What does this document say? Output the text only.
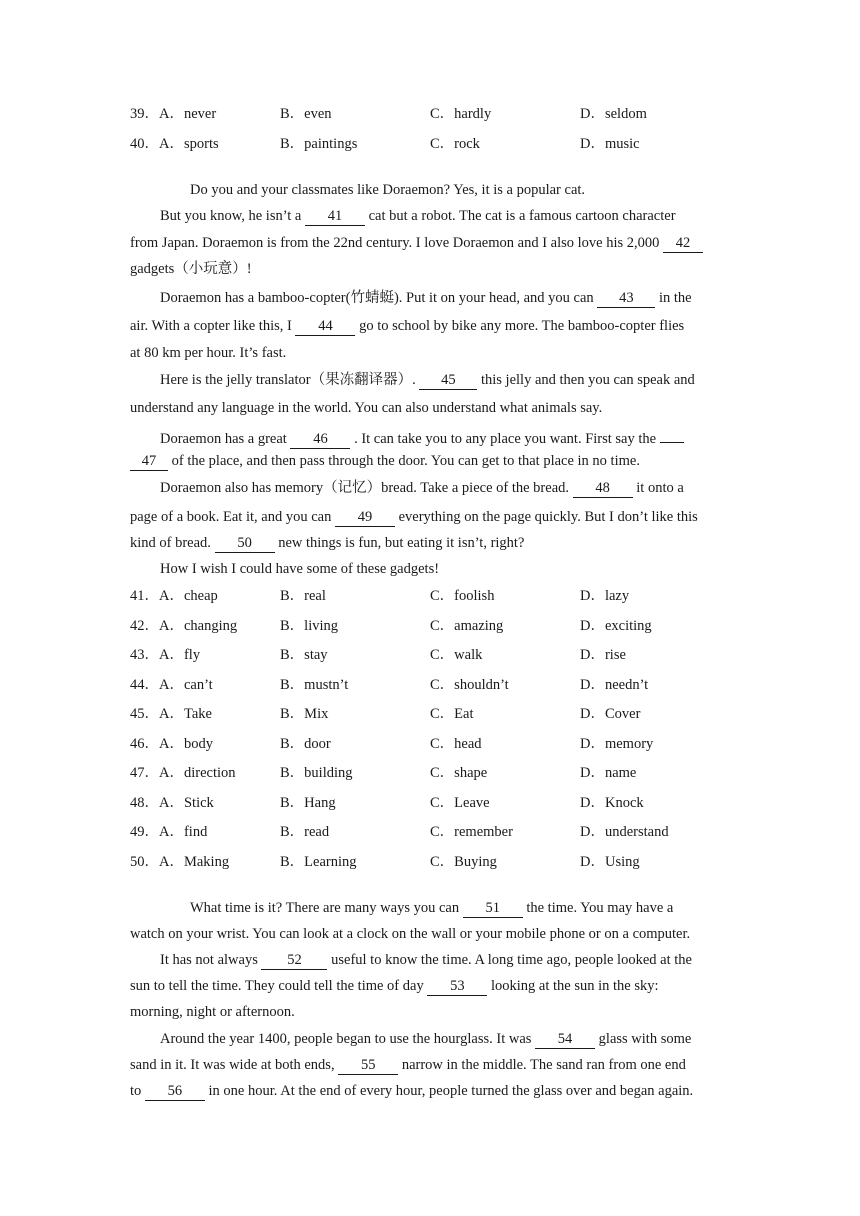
39．A．never	B．even	C．hardly	D．seldom
40．A．sports	B．paintings	C．rock	D．music
Do you and your classmates like Doraemon? Yes, it is a popular cat.
But you know, he isn’t a 41 cat but a robot. The cat is a famous cartoon character
from Japan. Doraemon is from the 22nd century. I love Doraemon and I also love his 2,000 42
gadgets（小玩意）!
Doraemon has a bamboo-copter(竹蜻蜓). Put it on your head, and you can 43 in the
air. With a copter like this, I 44 go to school by bike any more. The bamboo-copter flies
at 80 km per hour. It’s fast.
Here is the jelly translator（果冻翻译器）. 45 this jelly and then you can speak and
understand any language in the world. You can also understand what animals say.
Doraemon has a great 46 . It can take you to any place you want. First say the
47 of the place, and then pass through the door. You can get to that place in no time.
Doraemon also has memory（记忆）bread. Take a piece of the bread. 48 it onto a
page of a book. Eat it, and you can 49 everything on the page quickly. But I don’t like this
kind of bread. 50 new things is fun, but eating it isn’t, right?
How I wish I could have some of these gadgets!
41．A．cheap	B．real	C．foolish	D．lazy
42．A．changing	B．living	C．amazing	D．exciting
43．A．fly	B．stay	C．walk	D．rise
44．A．can’t	B．mustn’t	C．shouldn’t	D．needn’t
45．A．Take	B．Mix	C．Eat	D．Cover
46．A．body	B．door	C．head	D．memory
47．A．direction	B．building	C．shape	D．name
48．A．Stick	B．Hang	C．Leave	D．Knock
49．A．find	B．read	C．remember	D．understand
50．A．Making	B．Learning	C．Buying	D．Using
What time is it? There are many ways you can 51 the time. You may have a
watch on your wrist. You can look at a clock on the wall or your mobile phone or on a computer.
It has not always 52 useful to know the time. A long time ago, people looked at the
sun to tell the time. They could tell the time of day 53 looking at the sun in the sky:
morning, night or afternoon.
Around the year 1400, people began to use the hourglass. It was 54 glass with some
sand in it. It was wide at both ends, 55 narrow in the middle. The sand ran from one end
to 56 in one hour. At the end of every hour, people turned the glass over and began again.
